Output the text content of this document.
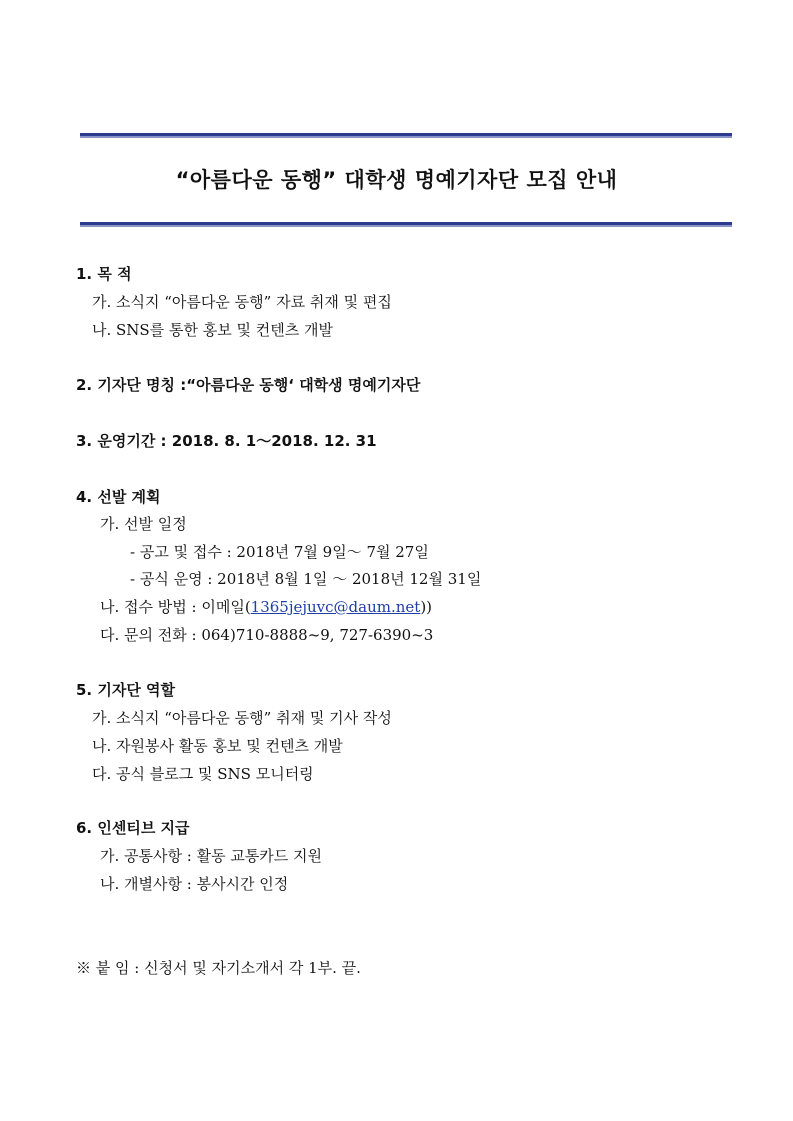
“아름다운 동행” 대학생 명예기자단 모집 안내
1. 목 적
가. 소식지 “아름다운 동행” 자료 취재 및 편집
나. SNS를 통한 홍보 및 컨텐츠 개발
2. 기자단 명칭 :“아름다운 동행‘ 대학생 명예기자단
3. 운영기간 : 2018. 8. 1～2018. 12. 31
4. 선발 계획
가. 선발 일정
- 공고 및 접수 : 2018년 7월 9일～ 7월 27일
- 공식 운영 : 2018년 8월 1일 ～ 2018년 12월 31일
나. 접수 방법 : 이메일(1365jejuvc@daum.net))
다. 문의 전화 : 064)710-8888~9, 727-6390~3
5. 기자단 역할
가. 소식지 “아름다운 동행” 취재 및 기사 작성
나. 자원봉사 활동 홍보 및 컨텐츠 개발
다. 공식 블로그 및 SNS 모니터링
6. 인센티브 지급
가. 공통사항 : 활동 교통카드 지원
나. 개별사항 : 봉사시간 인정
※ 붙 임 : 신청서 및 자기소개서 각 1부. 끝.
